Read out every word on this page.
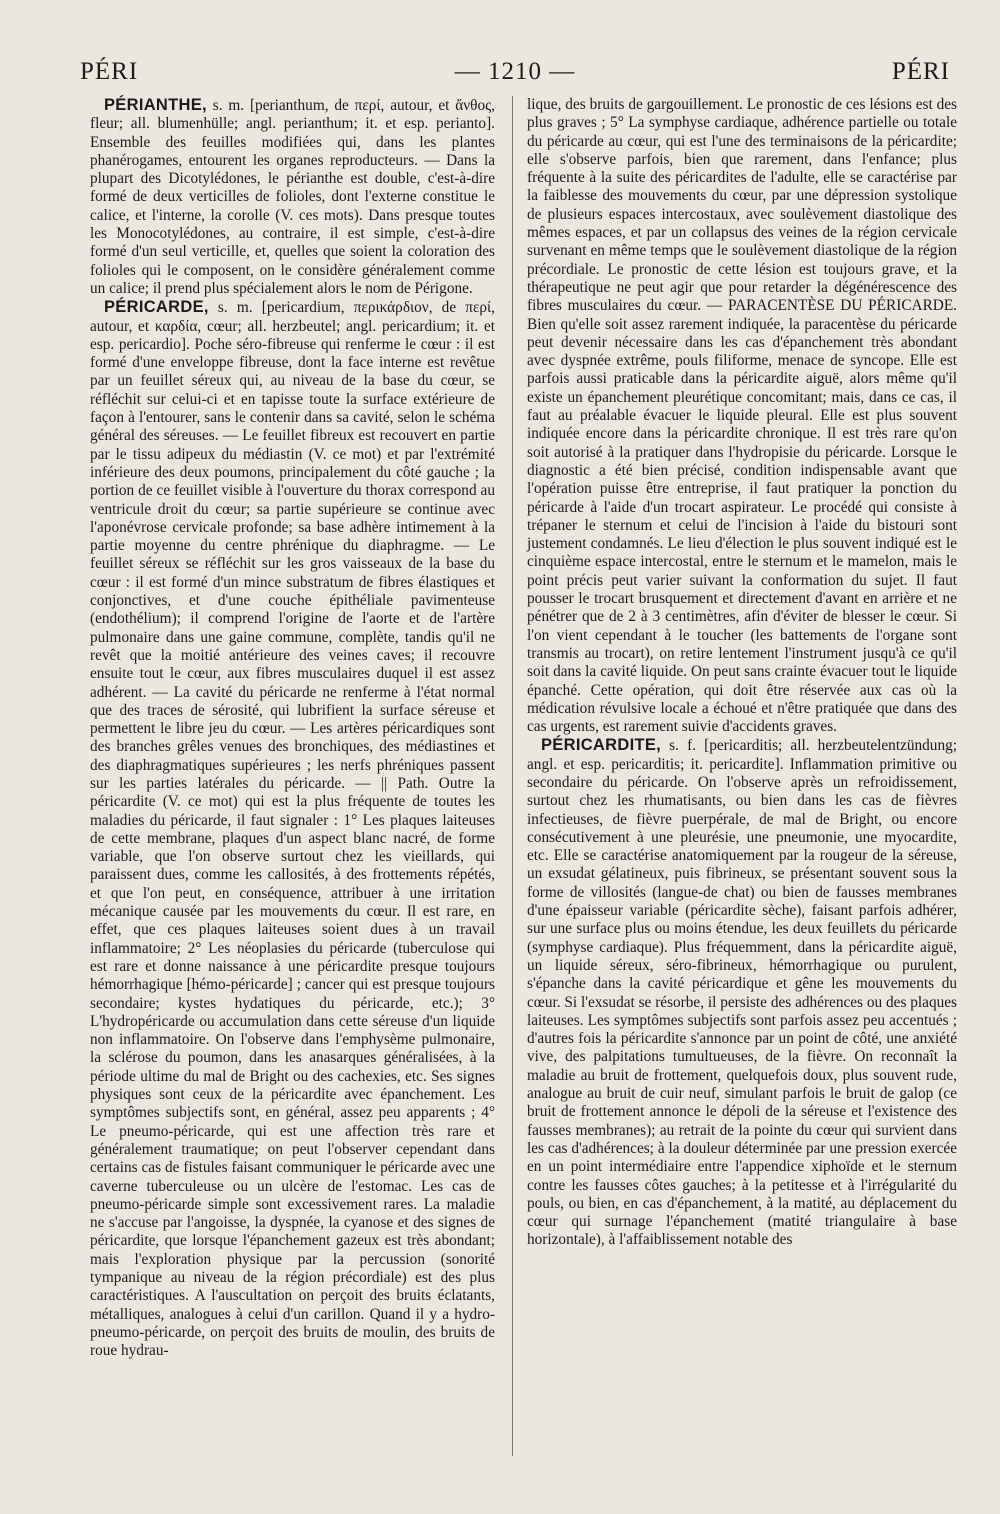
PÉRI	— 1210 —	PÉRI

PÉRIANTHE, s. m. [perianthum, de περί, autour, et ἄνθος, fleur; all. blumenhülle; angl. perianthum; it. et esp. perianto]. Ensemble des feuilles modifiées qui, dans les plantes phanérogames, entourent les organes reproducteurs. — Dans la plupart des Dicotylédones, le périanthe est double, c'est-à-dire formé de deux verticilles de folioles, dont l'externe constitue le calice, et l'interne, la corolle (V. ces mots). Dans presque toutes les Monocotylédones, au contraire, il est simple, c'est-à-dire formé d'un seul verticille, et, quelles que soient la coloration des folioles qui le composent, on le considère généralement comme un calice; il prend plus spécialement alors le nom de Périgone.

PÉRICARDE, s. m. [pericardium, περικάρδιον, de περί, autour, et καρδία, cœur; all. herzbeutel; angl. pericardium; it. et esp. pericardio]. Poche séro-fibreuse qui renferme le cœur : il est formé d'une enveloppe fibreuse, dont la face interne est revêtue par un feuillet séreux qui, au niveau de la base du cœur, se réfléchit sur celui-ci et en tapisse toute la surface extérieure de façon à l'entourer, sans le contenir dans sa cavité, selon le schéma général des séreuses. — Le feuillet fibreux est recouvert en partie par le tissu adipeux du médiastin (V. ce mot) et par l'extrémité inférieure des deux poumons, principalement du côté gauche ; la portion de ce feuillet visible à l'ouverture du thorax correspond au ventricule droit du cœur; sa partie supérieure se continue avec l'aponévrose cervicale profonde; sa base adhère intimement à la partie moyenne du centre phrénique du diaphragme. — Le feuillet séreux se réfléchit sur les gros vaisseaux de la base du cœur : il est formé d'un mince substratum de fibres élastiques et conjonctives, et d'une couche épithéliale pavimenteuse (endothélium); il comprend l'origine de l'aorte et de l'artère pulmonaire dans une gaine commune, complète, tandis qu'il ne revêt que la moitié antérieure des veines caves; il recouvre ensuite tout le cœur, aux fibres musculaires duquel il est assez adhérent. — La cavité du péricarde ne renferme à l'état normal que des traces de sérosité, qui lubrifient la surface séreuse et permettent le libre jeu du cœur. — Les artères péricardiques sont des branches grêles venues des bronchiques, des médiastines et des diaphragmatiques supérieures ; les nerfs phréniques passent sur les parties latérales du péricarde. — || Path. Outre la péricardite (V. ce mot) qui est la plus fréquente de toutes les maladies du péricarde, il faut signaler : 1° Les plaques laiteuses de cette membrane, plaques d'un aspect blanc nacré, de forme variable, que l'on observe surtout chez les vieillards, qui paraissent dues, comme les callosités, à des frottements répétés, et que l'on peut, en conséquence, attribuer à une irritation mécanique causée par les mouvements du cœur. Il est rare, en effet, que ces plaques laiteuses soient dues à un travail inflammatoire; 2° Les néoplasies du péricarde (tuberculose qui est rare et donne naissance à une péricardite presque toujours hémorrhagique [hémo-péricarde] ; cancer qui est presque toujours secondaire; kystes hydatiques du péricarde, etc.); 3° L'hydropéricarde ou accumulation dans cette séreuse d'un liquide non inflammatoire. On l'observe dans l'emphysème pulmonaire, la sclérose du poumon, dans les anasarques généralisées, à la période ultime du mal de Bright ou des cachexies, etc. Ses signes physiques sont ceux de la péricardite avec épanchement. Les symptômes subjectifs sont, en général, assez peu apparents ; 4° Le pneumo-péricarde, qui est une affection très rare et généralement traumatique; on peut l'observer cependant dans certains cas de fistules faisant communiquer le péricarde avec une caverne tuberculeuse ou un ulcère de l'estomac. Les cas de pneumo-péricarde simple sont excessivement rares. La maladie ne s'accuse par l'angoisse, la dyspnée, la cyanose et des signes de péricardite, que lorsque l'épanchement gazeux est très abondant; mais l'exploration physique par la percussion (sonorité tympanique au niveau de la région précordiale) est des plus caractéristiques. A l'auscultation on perçoit des bruits éclatants, métalliques, analogues à celui d'un carillon. Quand il y a hydro-pneumo-péricarde, on perçoit des bruits de moulin, des bruits de roue hydrau-

lique, des bruits de gargouillement. Le pronostic de ces lésions est des plus graves ; 5° La symphyse cardiaque, adhérence partielle ou totale du péricarde au cœur, qui est l'une des terminaisons de la péricardite; elle s'observe parfois, bien que rarement, dans l'enfance; plus fréquente à la suite des péricardites de l'adulte, elle se caractérise par la faiblesse des mouvements du cœur, par une dépression systolique de plusieurs espaces intercostaux, avec soulèvement diastolique des mêmes espaces, et par un collapsus des veines de la région cervicale survenant en même temps que le soulèvement diastolique de la région précordiale. Le pronostic de cette lésion est toujours grave, et la thérapeutique ne peut agir que pour retarder la dégénérescence des fibres musculaires du cœur. — PARACENTÈSE DU PÉRICARDE. Bien qu'elle soit assez rarement indiquée, la paracentèse du péricarde peut devenir nécessaire dans les cas d'épanchement très abondant avec dyspnée extrême, pouls filiforme, menace de syncope. Elle est parfois aussi praticable dans la péricardite aiguë, alors même qu'il existe un épanchement pleurétique concomitant; mais, dans ce cas, il faut au préalable évacuer le liquide pleural. Elle est plus souvent indiquée encore dans la péricardite chronique. Il est très rare qu'on soit autorisé à la pratiquer dans l'hydropisie du péricarde. Lorsque le diagnostic a été bien précisé, condition indispensable avant que l'opération puisse être entreprise, il faut pratiquer la ponction du péricarde à l'aide d'un trocart aspirateur. Le procédé qui consiste à trépaner le sternum et celui de l'incision à l'aide du bistouri sont justement condamnés. Le lieu d'élection le plus souvent indiqué est le cinquième espace intercostal, entre le sternum et le mamelon, mais le point précis peut varier suivant la conformation du sujet. Il faut pousser le trocart brusquement et directement d'avant en arrière et ne pénétrer que de 2 à 3 centimètres, afin d'éviter de blesser le cœur. Si l'on vient cependant à le toucher (les battements de l'organe sont transmis au trocart), on retire lentement l'instrument jusqu'à ce qu'il soit dans la cavité liquide. On peut sans crainte évacuer tout le liquide épanché. Cette opération, qui doit être réservée aux cas où la médication révulsive locale a échoué et n'être pratiquée que dans des cas urgents, est rarement suivie d'accidents graves.

PÉRICARDITE, s. f. [pericarditis; all. herzbeutelentzündung; angl. et esp. pericarditis; it. pericardite]. Inflammation primitive ou secondaire du péricarde. On l'observe après un refroidissement, surtout chez les rhumatisants, ou bien dans les cas de fièvres infectieuses, de fièvre puerpérale, de mal de Bright, ou encore consécutivement à une pleurésie, une pneumonie, une myocardite, etc. Elle se caractérise anatomiquement par la rougeur de la séreuse, un exsudat gélatineux, puis fibrineux, se présentant souvent sous la forme de villosités (langue-de chat) ou bien de fausses membranes d'une épaisseur variable (péricardite sèche), faisant parfois adhérer, sur une surface plus ou moins étendue, les deux feuillets du péricarde (symphyse cardiaque). Plus fréquemment, dans la péricardite aiguë, un liquide séreux, séro-fibrineux, hémorrhagique ou purulent, s'épanche dans la cavité péricardique et gêne les mouvements du cœur. Si l'exsudat se résorbe, il persiste des adhérences ou des plaques laiteuses. Les symptômes subjectifs sont parfois assez peu accentués ; d'autres fois la péricardite s'annonce par un point de côté, une anxiété vive, des palpitations tumultueuses, de la fièvre. On reconnaît la maladie au bruit de frottement, quelquefois doux, plus souvent rude, analogue au bruit de cuir neuf, simulant parfois le bruit de galop (ce bruit de frottement annonce le dépoli de la séreuse et l'existence des fausses membranes); au retrait de la pointe du cœur qui survient dans les cas d'adhérences; à la douleur déterminée par une pression exercée en un point intermédiaire entre l'appendice xiphoïde et le sternum contre les fausses côtes gauches; à la petitesse et à l'irrégularité du pouls, ou bien, en cas d'épanchement, à la matité, au déplacement du cœur qui surnage l'épanchement (matité triangulaire à base horizontale), à l'affaiblissement notable des
